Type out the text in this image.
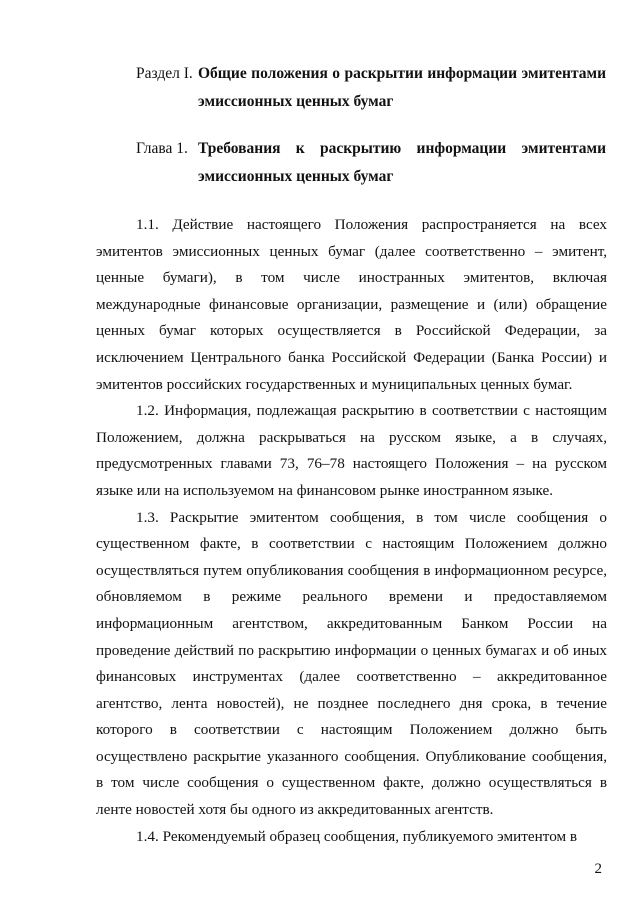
Раздел I. Общие положения о раскрытии информации эмитентами эмиссионных ценных бумаг
Глава 1. Требования к раскрытию информации эмитентами эмиссионных ценных бумаг

1.1. Действие настоящего Положения распространяется на всех эмитентов эмиссионных ценных бумаг (далее соответственно – эмитент, ценные бумаги), в том числе иностранных эмитентов, включая международные финансовые организации, размещение и (или) обращение ценных бумаг которых осуществляется в Российской Федерации, за исключением Центрального банка Российской Федерации (Банка России) и эмитентов российских государственных и муниципальных ценных бумаг.

1.2. Информация, подлежащая раскрытию в соответствии с настоящим Положением, должна раскрываться на русском языке, а в случаях, предусмотренных главами 73, 76–78 настоящего Положения – на русском языке или на используемом на финансовом рынке иностранном языке.

1.3. Раскрытие эмитентом сообщения, в том числе сообщения о существенном факте, в соответствии с настоящим Положением должно осуществляться путем опубликования сообщения в информационном ресурсе, обновляемом в режиме реального времени и предоставляемом информационным агентством, аккредитованным Банком России на проведение действий по раскрытию информации о ценных бумагах и об иных финансовых инструментах (далее соответственно – аккредитованное агентство, лента новостей), не позднее последнего дня срока, в течение которого в соответствии с настоящим Положением должно быть осуществлено раскрытие указанного сообщения. Опубликование сообщения, в том числе сообщения о существенном факте, должно осуществляться в ленте новостей хотя бы одного из аккредитованных агентств.

1.4. Рекомендуемый образец сообщения, публикуемого эмитентом в

2
